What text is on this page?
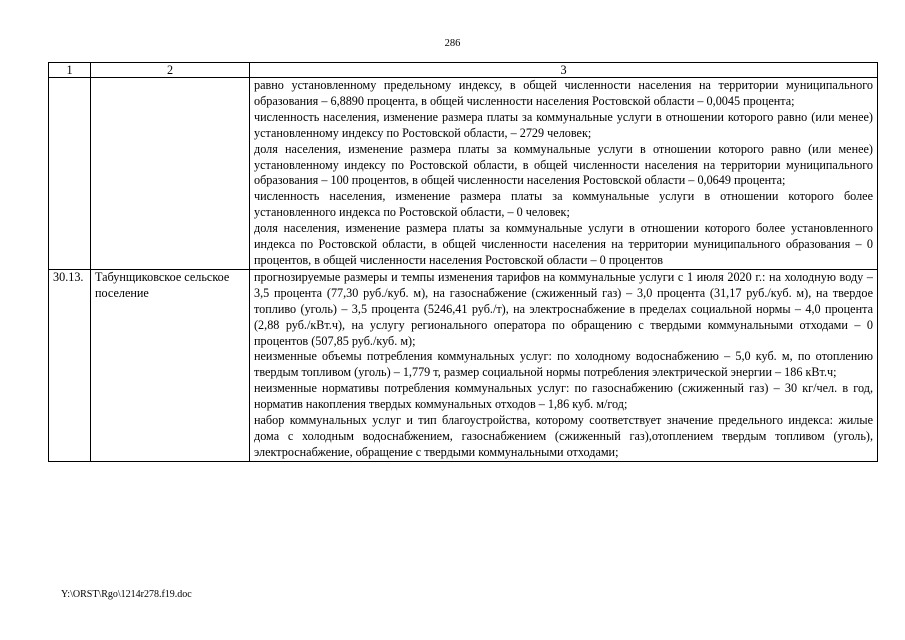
286
1	2	3

		равно установленному предельному индексу, в общей численности населения на территории муниципального образования – 6,8890 процента, в общей численности населения Ростовской области – 0,0045 процента;

численность населения, изменение размера платы за коммунальные услуги в отношении которого равно (или менее) установленному индексу по Ростовской области, – 2729 человек;

доля населения, изменение размера платы за коммунальные услуги в отношении которого равно (или менее) установленному индексу по Ростовской области, в общей численности населения на территории муниципального образования – 100 процентов, в общей численности населения Ростовской области – 0,0649 процента;

численность населения, изменение размера платы за коммунальные услуги в отношении которого более установленного индекса по Ростовской области, – 0 человек;

доля населения, изменение размера платы за коммунальные услуги в отношении которого более установленного индекса по Ростовской области, в общей численности населения на территории муниципального образования – 0 процентов, в общей численности населения Ростовской области – 0 процентов

30.13.	Табунщиковское сельское поселение	прогнозируемые размеры и темпы изменения тарифов на коммунальные услуги с 1 июля 2020 г.: на холодную воду – 3,5 процента (77,30 руб./куб. м), на газоснабжение (сжиженный газ) – 3,0 процента (31,17 руб./куб. м), на твердое топливо (уголь) – 3,5 процента (5246,41 руб./т), на электроснабжение в пределах социальной нормы – 4,0 процента (2,88 руб./кВт.ч), на услугу регионального оператора по обращению с твердыми коммунальными отходами – 0 процентов (507,85 руб./куб. м);

неизменные объемы потребления коммунальных услуг: по холодному водоснабжению – 5,0 куб. м, по отоплению твердым топливом (уголь) – 1,779 т, размер социальной нормы потребления электрической энергии – 186 кВт.ч;

неизменные нормативы потребления коммунальных услуг: по газоснабжению (сжиженный газ) – 30 кг/чел. в год, норматив накопления твердых коммунальных отходов – 1,86 куб. м/год;

набор коммунальных услуг и тип благоустройства, которому соответствует значение предельного индекса: жилые дома с холодным водоснабжением, газоснабжением (сжиженный газ),отоплением твердым топливом (уголь), электроснабжение, обращение с твердыми коммунальными отходами;

Y:\ORST\Rgo\1214r278.f19.doc
